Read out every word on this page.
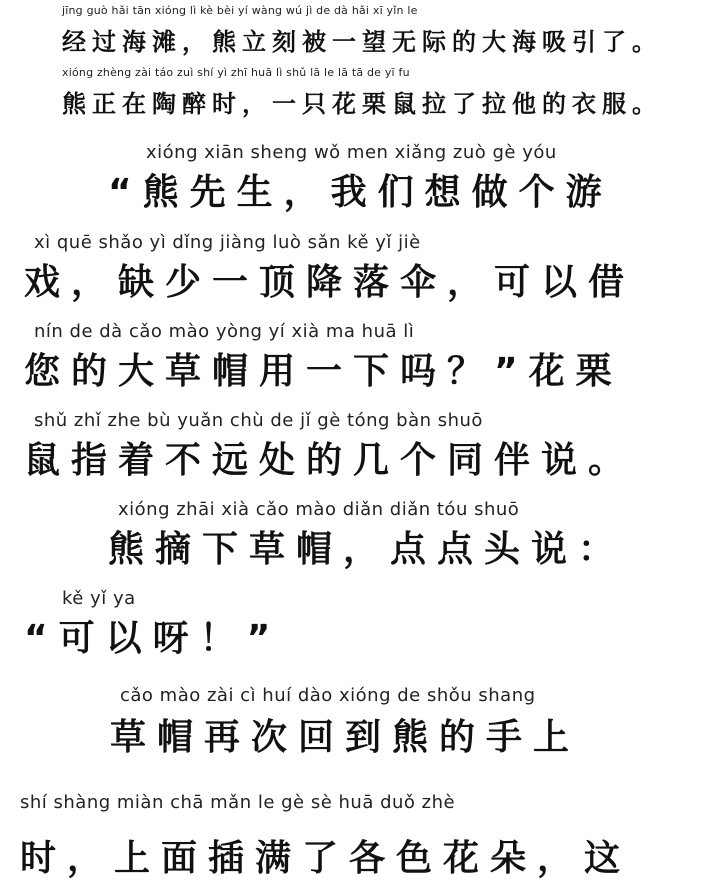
jīng guò hǎi tān xióng lì kè bèi yí wàng wú jì de dà hǎi xī yǐn le
经过海滩，熊立刻被一望无际的大海吸引了。
xióng zhèng zài táo zuì shí yì zhī huā lì shǔ lā le lā tā de yī fu
熊正在陶醉时，一只花栗鼠拉了拉他的衣服。
xióng xiān sheng wǒ men xiǎng zuò gè yóu
“熊先生，我们想做个游
xì quē shǎo yì dǐng jiàng luò sǎn kě yǐ jiè
戏，缺少一顶降落伞，可以借
nín de dà cǎo mào yòng yí xià ma huā lì
您的大草帽用一下吗？”花栗
shǔ zhǐ zhe bù yuǎn chù de jǐ gè tóng bàn shuō
鼠指着不远处的几个同伴说。
xióng zhāi xià cǎo mào diǎn diǎn tóu shuō
熊摘下草帽，点点头说：
kě yǐ ya
“可以呀！”
cǎo mào zài cì huí dào xióng de shǒu shang
草帽再次回到熊的手上
shí shàng miàn chā mǎn le gè sè huā duǒ zhè
时，上面插满了各色花朵，这
